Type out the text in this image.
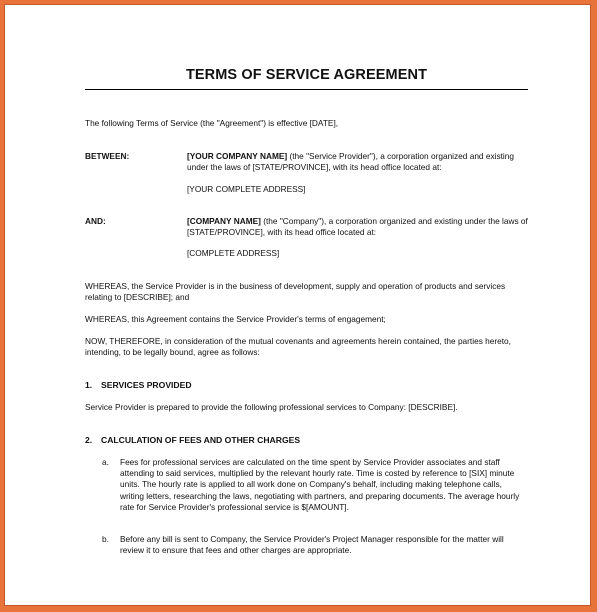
TERMS OF SERVICE AGREEMENT
The following Terms of Service (the "Agreement") is effective [DATE],
BETWEEN:	[YOUR COMPANY NAME] (the "Service Provider"), a corporation organized and existing under the laws of [STATE/PROVINCE], with its head office located at:
[YOUR COMPLETE ADDRESS]
AND:	[COMPANY NAME] (the "Company"), a corporation organized and existing under the laws of [STATE/PROVINCE], with its head office located at:
[COMPLETE ADDRESS]
WHEREAS, the Service Provider is in the business of development, supply and operation of products and services relating to [DESCRIBE]; and
WHEREAS, this Agreement contains the Service Provider's terms of engagement;
NOW, THEREFORE, in consideration of the mutual covenants and agreements herein contained, the parties hereto, intending, to be legally bound, agree as follows:
1. SERVICES PROVIDED
Service Provider is prepared to provide the following professional services to Company: [DESCRIBE].
2. CALCULATION OF FEES AND OTHER CHARGES
a. Fees for professional services are calculated on the time spent by Service Provider associates and staff attending to said services, multiplied by the relevant hourly rate. Time is costed by reference to [SIX] minute units. The hourly rate is applied to all work done on Company's behalf, including making telephone calls, writing letters, researching the laws, negotiating with partners, and preparing documents. The average hourly rate for Service Provider's professional service is $[AMOUNT].
b. Before any bill is sent to Company, the Service Provider's Project Manager responsible for the matter will review it to ensure that fees and other charges are appropriate.
